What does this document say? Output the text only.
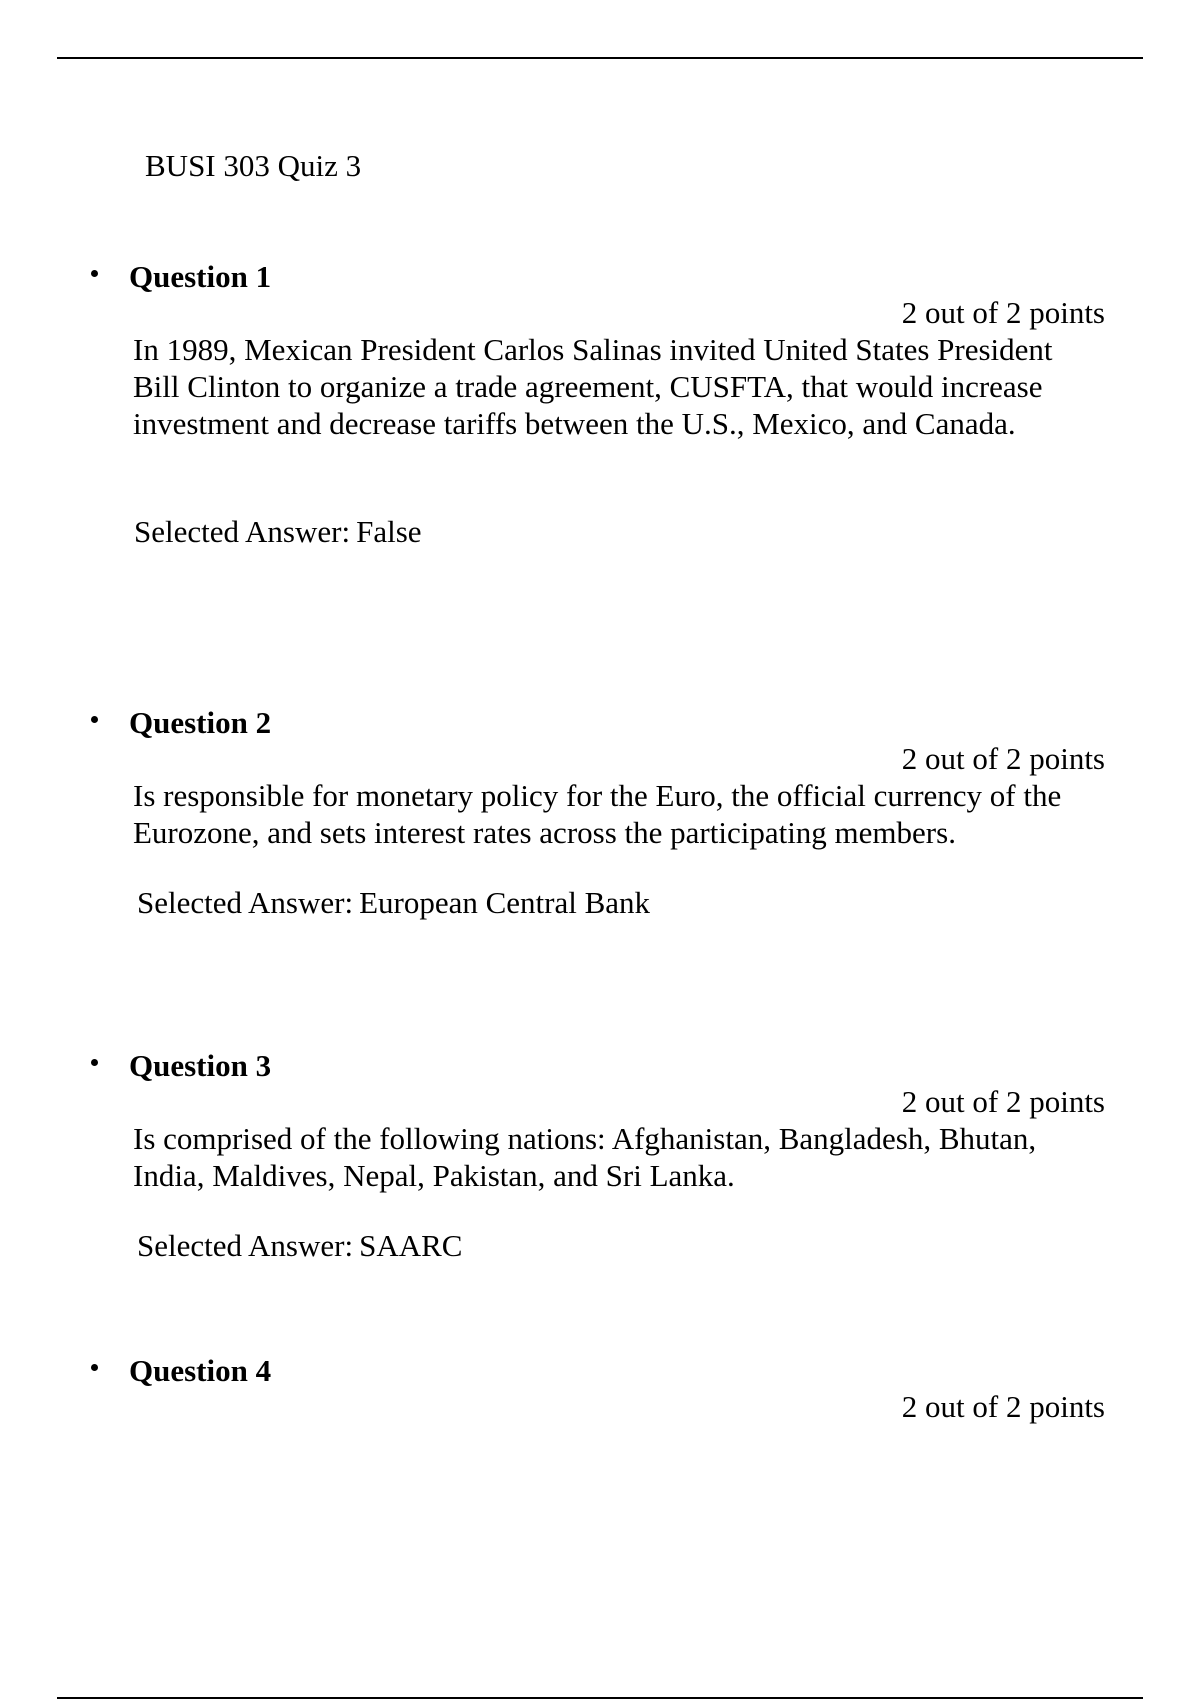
BUSI 303 Quiz 3
Question 1
2 out of 2 points
In 1989, Mexican President Carlos Salinas invited United States President Bill Clinton to organize a trade agreement, CUSFTA, that would increase investment and decrease tariffs between the U.S., Mexico, and Canada.
Selected Answer: False
Question 2
2 out of 2 points
Is responsible for monetary policy for the Euro, the official currency of the Eurozone, and sets interest rates across the participating members.
Selected Answer: European Central Bank
Question 3
2 out of 2 points
Is comprised of the following nations: Afghanistan, Bangladesh, Bhutan, India, Maldives, Nepal, Pakistan, and Sri Lanka.
Selected Answer: SAARC
Question 4
2 out of 2 points
